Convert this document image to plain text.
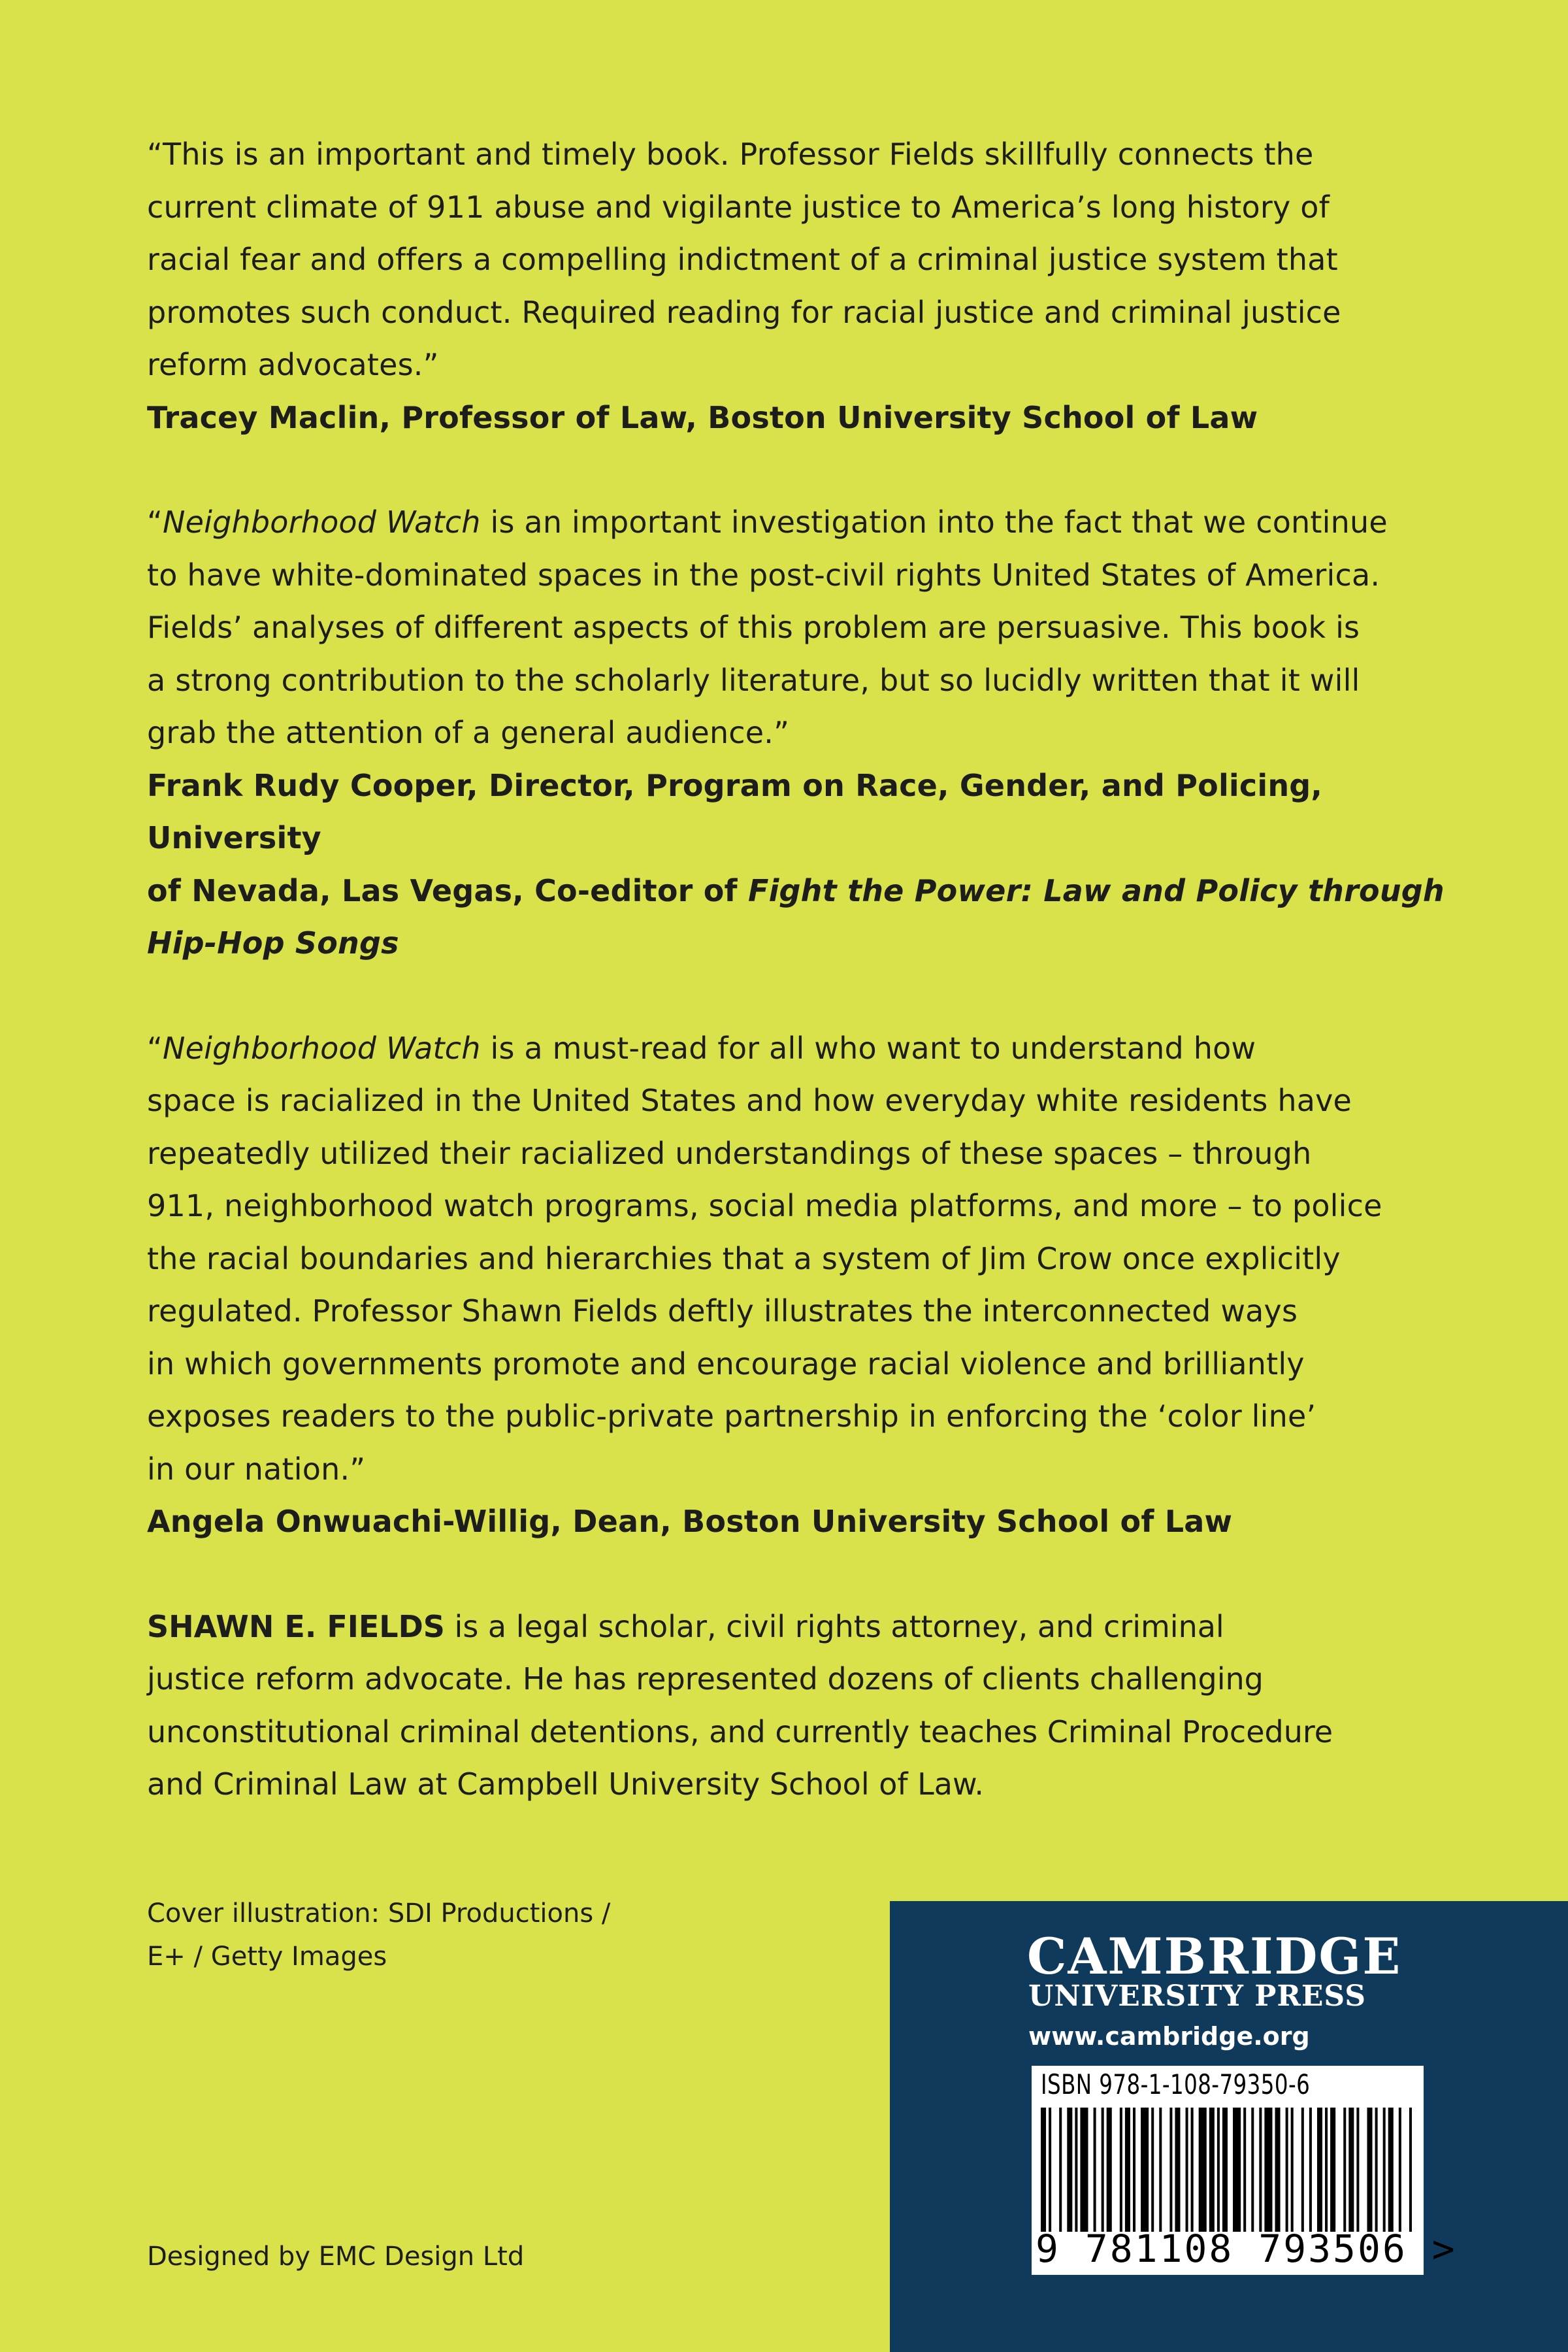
“This is an important and timely book. Professor Fields skillfully connects the

current climate of 911 abuse and vigilante justice to America’s long history of

racial fear and offers a compelling indictment of a criminal justice system that

promotes such conduct. Required reading for racial justice and criminal justice

reform advocates.”

Tracey Maclin, Professor of Law, Boston University School of Law

“Neighborhood Watch is an important investigation into the fact that we continue

to have white-dominated spaces in the post-civil rights United States of America.

Fields’ analyses of different aspects of this problem are persuasive. This book is

a strong contribution to the scholarly literature, but so lucidly written that it will

grab the attention of a general audience.”

Frank Rudy Cooper, Director, Program on Race, Gender, and Policing, University

of Nevada, Las Vegas, Co-editor of Fight the Power: Law and Policy through

Hip-Hop Songs

“Neighborhood Watch is a must-read for all who want to understand how

space is racialized in the United States and how everyday white residents have

repeatedly utilized their racialized understandings of these spaces – through

911, neighborhood watch programs, social media platforms, and more – to police

the racial boundaries and hierarchies that a system of Jim Crow once explicitly

regulated. Professor Shawn Fields deftly illustrates the interconnected ways

in which governments promote and encourage racial violence and brilliantly

exposes readers to the public-private partnership in enforcing the ‘color line’

in our nation.”

Angela Onwuachi-Willig, Dean, Boston University School of Law

SHAWN E. FIELDS is a legal scholar, civil rights attorney, and criminal

justice reform advocate. He has represented dozens of clients challenging

unconstitutional criminal detentions, and currently teaches Criminal Procedure

and Criminal Law at Campbell University School of Law.

Cover illustration: SDI Productions /
E+ / Getty Images
Designed by EMC Design Ltd
CAMBRIDGE
UNIVERSITY PRESS
www.cambridge.org
ISBN 978-1-108-79350-6
9 781108 793506 >
